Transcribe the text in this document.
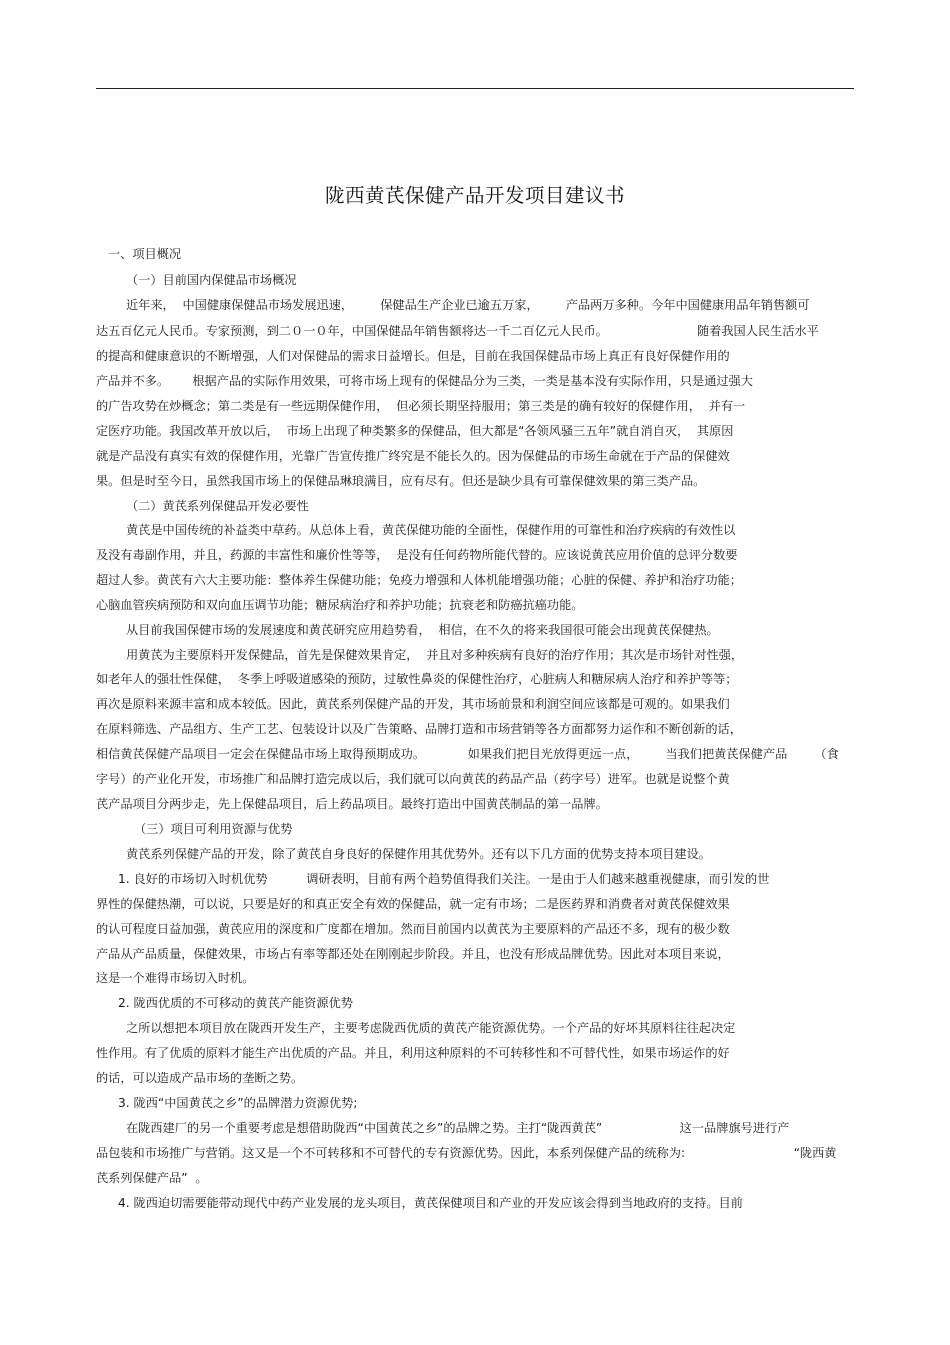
陇西黄芪保健产品开发项目建议书
一、项目概况
（一）目前国内保健品市场概况
近年来，  中国健康保健品市场发展迅速，       保健品生产企业已逾五万家，       产品两万多种。今年中国健康用品年销售额可
达五百亿元人民币。专家预测，到二０一０年，中国保健品年销售额将达一千二百亿元人民币。                       随着我国人民生活水平
的提高和健康意识的不断增强，人们对保健品的需求日益增长。但是，目前在我国保健品市场上真正有良好保健作用的
产品并不多。      根据产品的实际作用效果，可将市场上现有的保健品分为三类，一类是基本没有实际作用，只是通过强大
的广告攻势在炒概念；第二类是有一些远期保健作用，  但必须长期坚持服用；第三类是的确有较好的保健作用，  并有一
定医疗功能。我国改革开放以后，  市场上出现了种类繁多的保健品，但大都是“各领风骚三五年”就自消自灭，  其原因
就是产品没有真实有效的保健作用，光靠广告宣传推广终究是不能长久的。因为保健品的市场生命就在于产品的保健效
果。但是时至今日，虽然我国市场上的保健品琳琅满目，应有尽有。但还是缺少具有可靠保健效果的第三类产品。
（二）黄芪系列保健品开发必要性
黄芪是中国传统的补益类中草药。从总体上看，黄芪保健功能的全面性，保健作用的可靠性和治疗疾病的有效性以
及没有毒副作用，并且，药源的丰富性和廉价性等等，  是没有任何药物所能代替的。应该说黄芪应用价值的总评分数要
超过人参。黄芪有六大主要功能：整体养生保健功能；免疫力增强和人体机能增强功能；心脏的保健、养护和治疗功能；
心脑血管疾病预防和双向血压调节功能；糖尿病治疗和养护功能；抗衰老和防癌抗癌功能。
从目前我国保健市场的发展速度和黄芪研究应用趋势看，  相信，在不久的将来我国很可能会出现黄芪保健热。
用黄芪为主要原料开发保健品，首先是保健效果肯定，  并且对多种疾病有良好的治疗作用；其次是市场针对性强，
如老年人的强壮性保健，  冬季上呼吸道感染的预防，过敏性鼻炎的保健性治疗，心脏病人和糖尿病人治疗和养护等等；
再次是原料来源丰富和成本较低。因此，黄芪系列保健产品的开发，其市场前景和利润空间应该都是可观的。如果我们
在原料筛选、产品组方、生产工艺、包装设计以及广告策略、品牌打造和市场营销等各方面都努力运作和不断创新的话，
相信黄芪保健产品项目一定会在保健品市场上取得预期成功。           如果我们把目光放得更远一点，       当我们把黄芪保健产品       （食
字号）的产业化开发，市场推广和品牌打造完成以后，我们就可以向黄芪的药品产品（药字号）进军。也就是说整个黄
芪产品项目分两步走，先上保健品项目，后上药品项目。最终打造出中国黄芪制品的第一品牌。
（三）项目可利用资源与优势
黄芪系列保健产品的开发，除了黄芪自身良好的保健作用其优势外。还有以下几方面的优势支持本项目建设。
1. 良好的市场切入时机优势          调研表明，目前有两个趋势值得我们关注。一是由于人们越来越重视健康，而引发的世
界性的保健热潮，可以说，只要是好的和真正安全有效的保健品，就一定有市场；二是医药界和消费者对黄芪保健效果
的认可程度日益加强，黄芪应用的深度和广度都在增加。然而目前国内以黄芪为主要原料的产品还不多，现有的极少数
产品从产品质量，保健效果，市场占有率等都还处在刚刚起步阶段。并且，也没有形成品牌优势。因此对本项目来说，
这是一个难得市场切入时机。
2. 陇西优质的不可移动的黄芪产能资源优势
之所以想把本项目放在陇西开发生产，主要考虑陇西优质的黄芪产能资源优势。一个产品的好坏其原料往往起决定
性作用。有了优质的原料才能生产出优质的产品。并且，利用这种原料的不可转移性和不可替代性，如果市场运作的好
的话，可以造成产品市场的垄断之势。
3. 陇西“中国黄芪之乡”的品牌潜力资源优势;
在陇西建厂的另一个重要考虑是想借助陇西“中国黄芪之乡”的品牌之势。主打“陇西黄芪”                    这一品牌旗号进行产
品包装和市场推广与营销。这又是一个不可转移和不可替代的专有资源优势。因此，本系列保健产品的统称为:                            “陇西黄
芪系列保健产品”  。
4. 陇西迫切需要能带动现代中药产业发展的龙头项目，黄芪保健项目和产业的开发应该会得到当地政府的支持。目前
